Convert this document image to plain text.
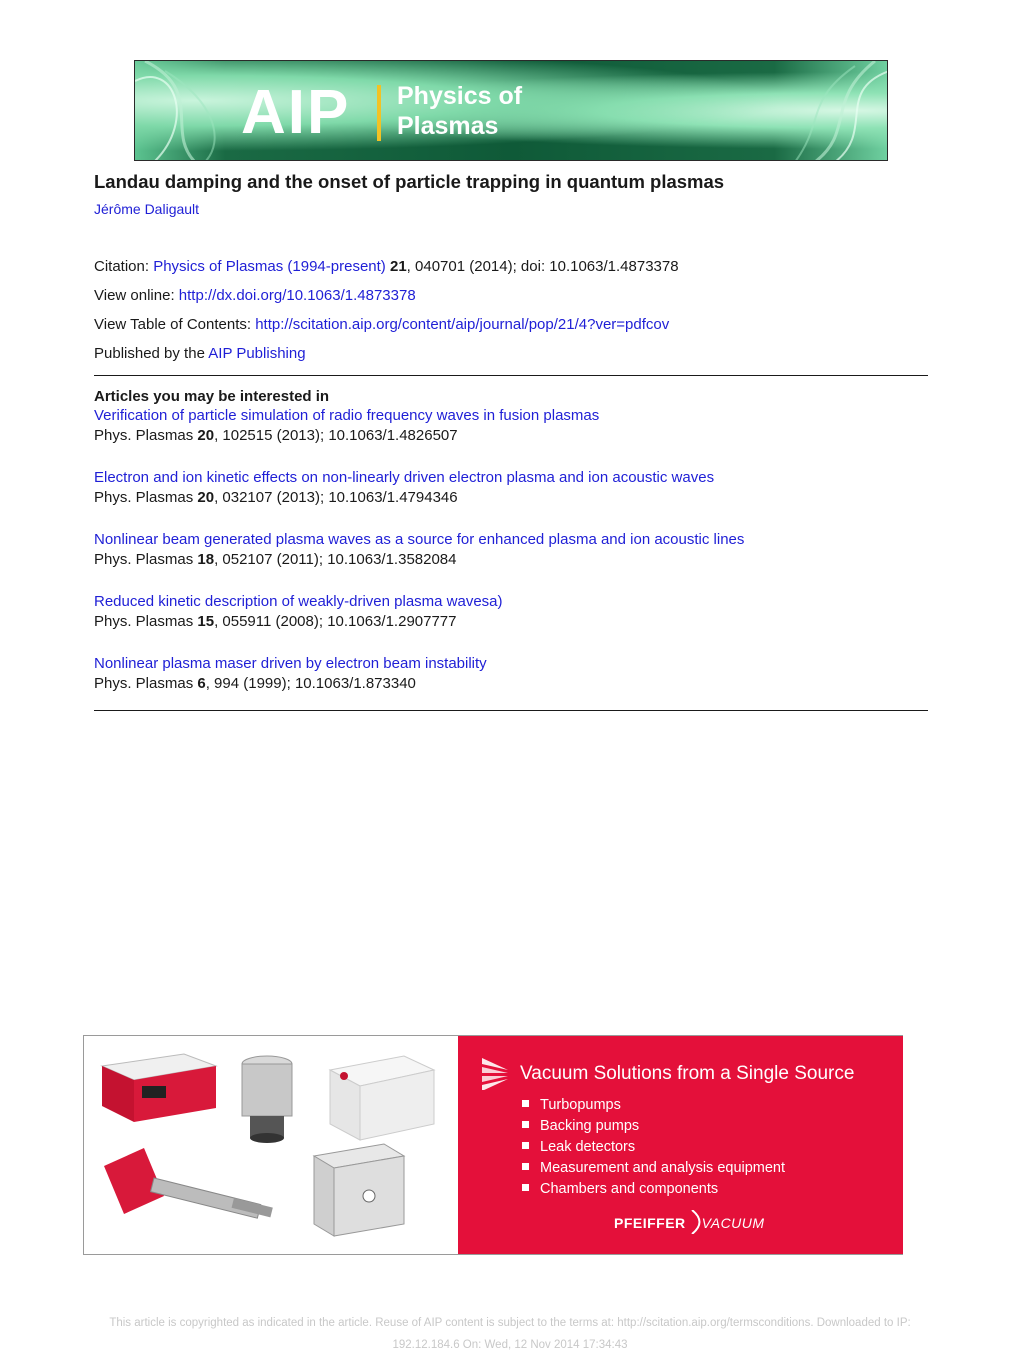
AIP Physics of
Plasmas
Landau damping and the onset of particle trapping in quantum plasmas
Jérôme Daligault
Citation: Physics of Plasmas (1994-present) 21, 040701 (2014); doi: 10.1063/1.4873378
View online: http://dx.doi.org/10.1063/1.4873378
View Table of Contents: http://scitation.aip.org/content/aip/journal/pop/21/4?ver=pdfcov
Published by the AIP Publishing
Articles you may be interested in
Verification of particle simulation of radio frequency waves in fusion plasmas
Phys. Plasmas 20, 102515 (2013); 10.1063/1.4826507
Electron and ion kinetic effects on non-linearly driven electron plasma and ion acoustic waves
Phys. Plasmas 20, 032107 (2013); 10.1063/1.4794346
Nonlinear beam generated plasma waves as a source for enhanced plasma and ion acoustic lines
Phys. Plasmas 18, 052107 (2011); 10.1063/1.3582084
Reduced kinetic description of weakly-driven plasma wavesa)
Phys. Plasmas 15, 055911 (2008); 10.1063/1.2907777
Nonlinear plasma maser driven by electron beam instability
Phys. Plasmas 6, 994 (1999); 10.1063/1.873340
Vacuum Solutions from a Single Source
Turbopumps
Backing pumps
Leak detectors
Measurement and analysis equipment
Chambers and components
PFEIFFER VACUUM
This article is copyrighted as indicated in the article. Reuse of AIP content is subject to the terms at: http://scitation.aip.org/termsconditions. Downloaded to IP:
192.12.184.6 On: Wed, 12 Nov 2014 17:34:43
